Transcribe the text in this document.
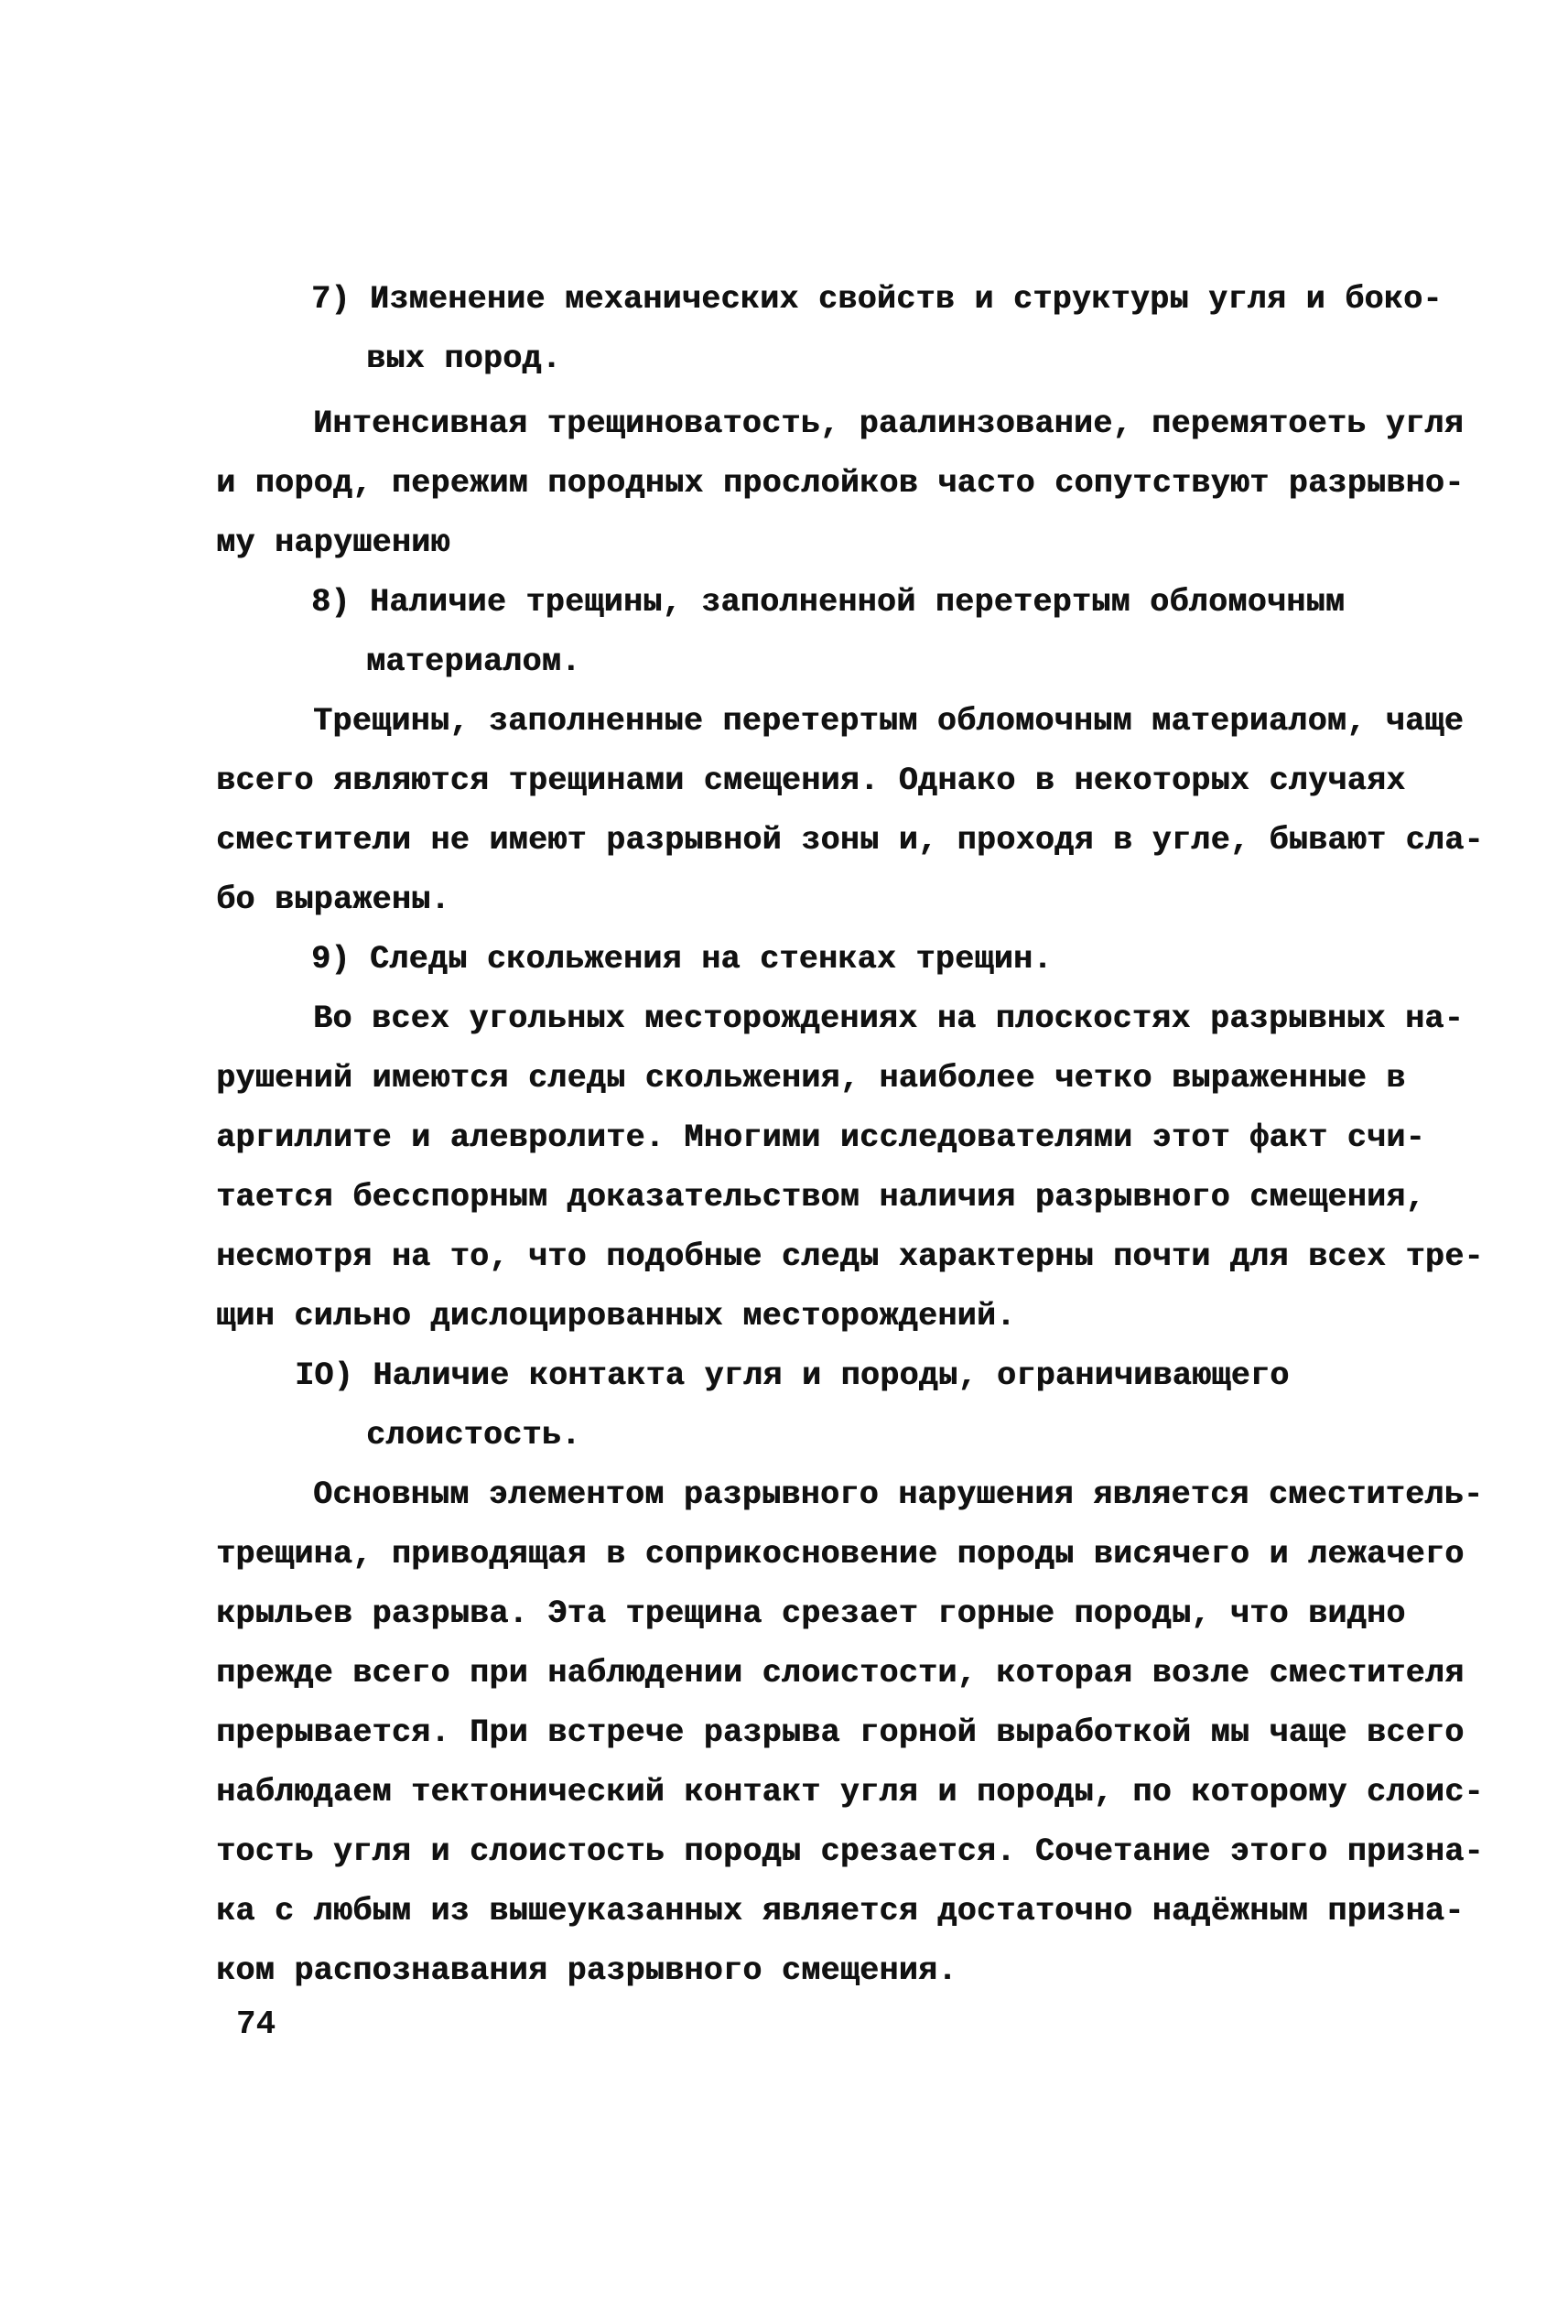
7) Изменение механических свойств и структуры угля и боко-
вых пород.
Интенсивная трещиноватость, раалинзование, перемятоеть угля
и пород, пережим породных прослойков часто сопутствуют разрывно-
му нарушению
8) Наличие трещины, заполненной перетертым обломочным
материалом.
Трещины, заполненные перетертым обломочным материалом, чаще
всего являются трещинами смещения. Однако в некоторых случаях
сместители не имеют разрывной зоны и, проходя в угле, бывают сла-
бо выражены.
9) Следы скольжения на стенках трещин.
Во всех угольных месторождениях на плоскостях разрывных на-
рушений имеются следы скольжения, наиболее четко выраженные в
аргиллите и алевролите. Многими исследователями этот факт счи-
тается бесспорным доказательством наличия разрывного смещения,
несмотря на то, что подобные следы характерны почти для всех тре-
щин сильно дислоцированных месторождений.
IO) Наличие контакта угля и породы, ограничивающего
слоистость.
Основным элементом разрывного нарушения является сместитель-
трещина, приводящая в соприкосновение породы висячего и лежачего
крыльев разрыва. Эта трещина срезает горные породы, что видно
прежде всего при наблюдении слоистости, которая возле сместителя
прерывается. При встрече разрыва горной выработкой мы чаще всего
наблюдаем тектонический контакт угля и породы, по которому слоис-
тость угля и слоистость породы срезается. Сочетание этого призна-
ка с любым из вышеуказанных является достаточно надёжным призна-
ком распознавания разрывного смещения.
74
